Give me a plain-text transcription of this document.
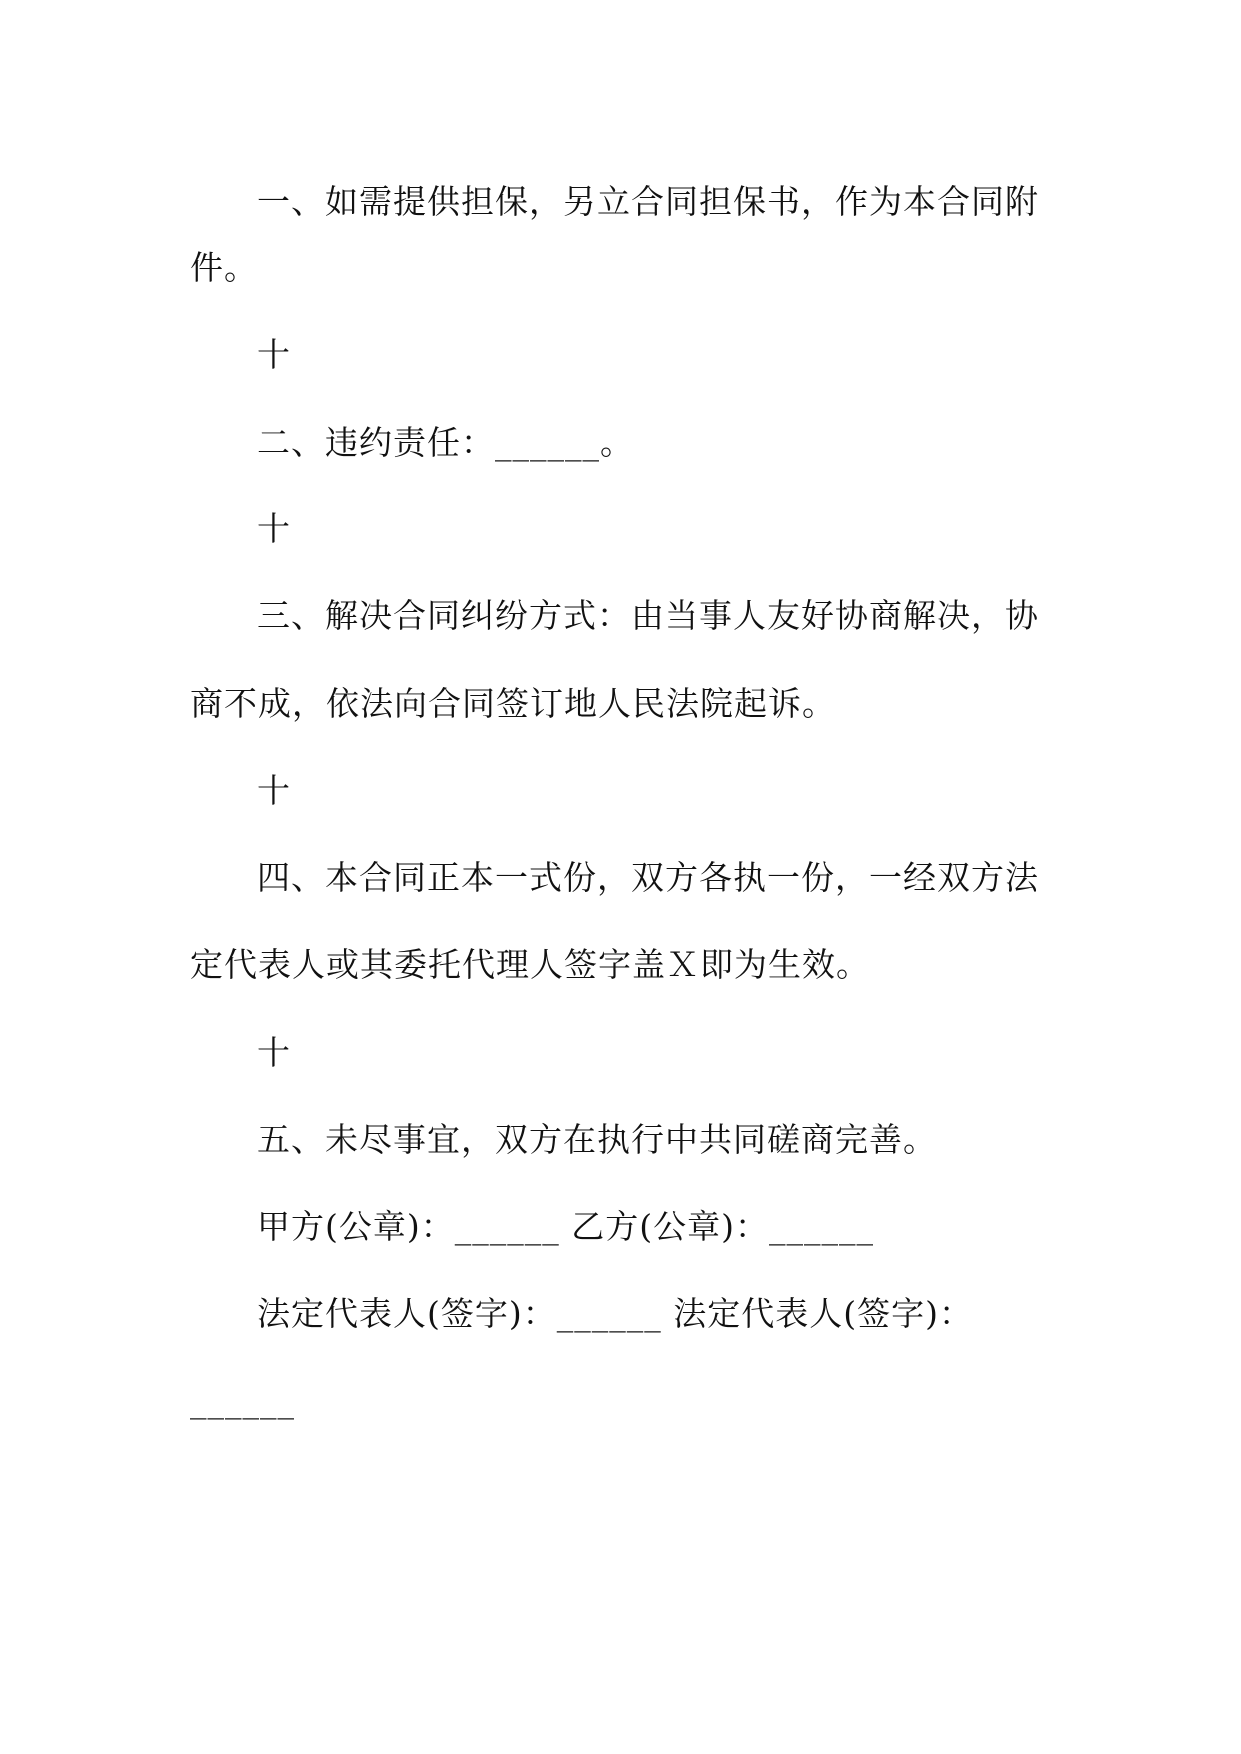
一、如需提供担保，另立合同担保书，作为本合同附
件。
十
二、违约责任：______。
十
三、解决合同纠纷方式：由当事人友好协商解决，协
商不成，依法向合同签订地人民法院起诉。
十
四、本合同正本一式份，双方各执一份，一经双方法
定代表人或其委托代理人签字盖Ｘ即为生效。
十
五、未尽事宜，双方在执行中共同磋商完善。
甲方(公章)：______ 乙方(公章)：______
法定代表人(签字)：______ 法定代表人(签字)：
______
